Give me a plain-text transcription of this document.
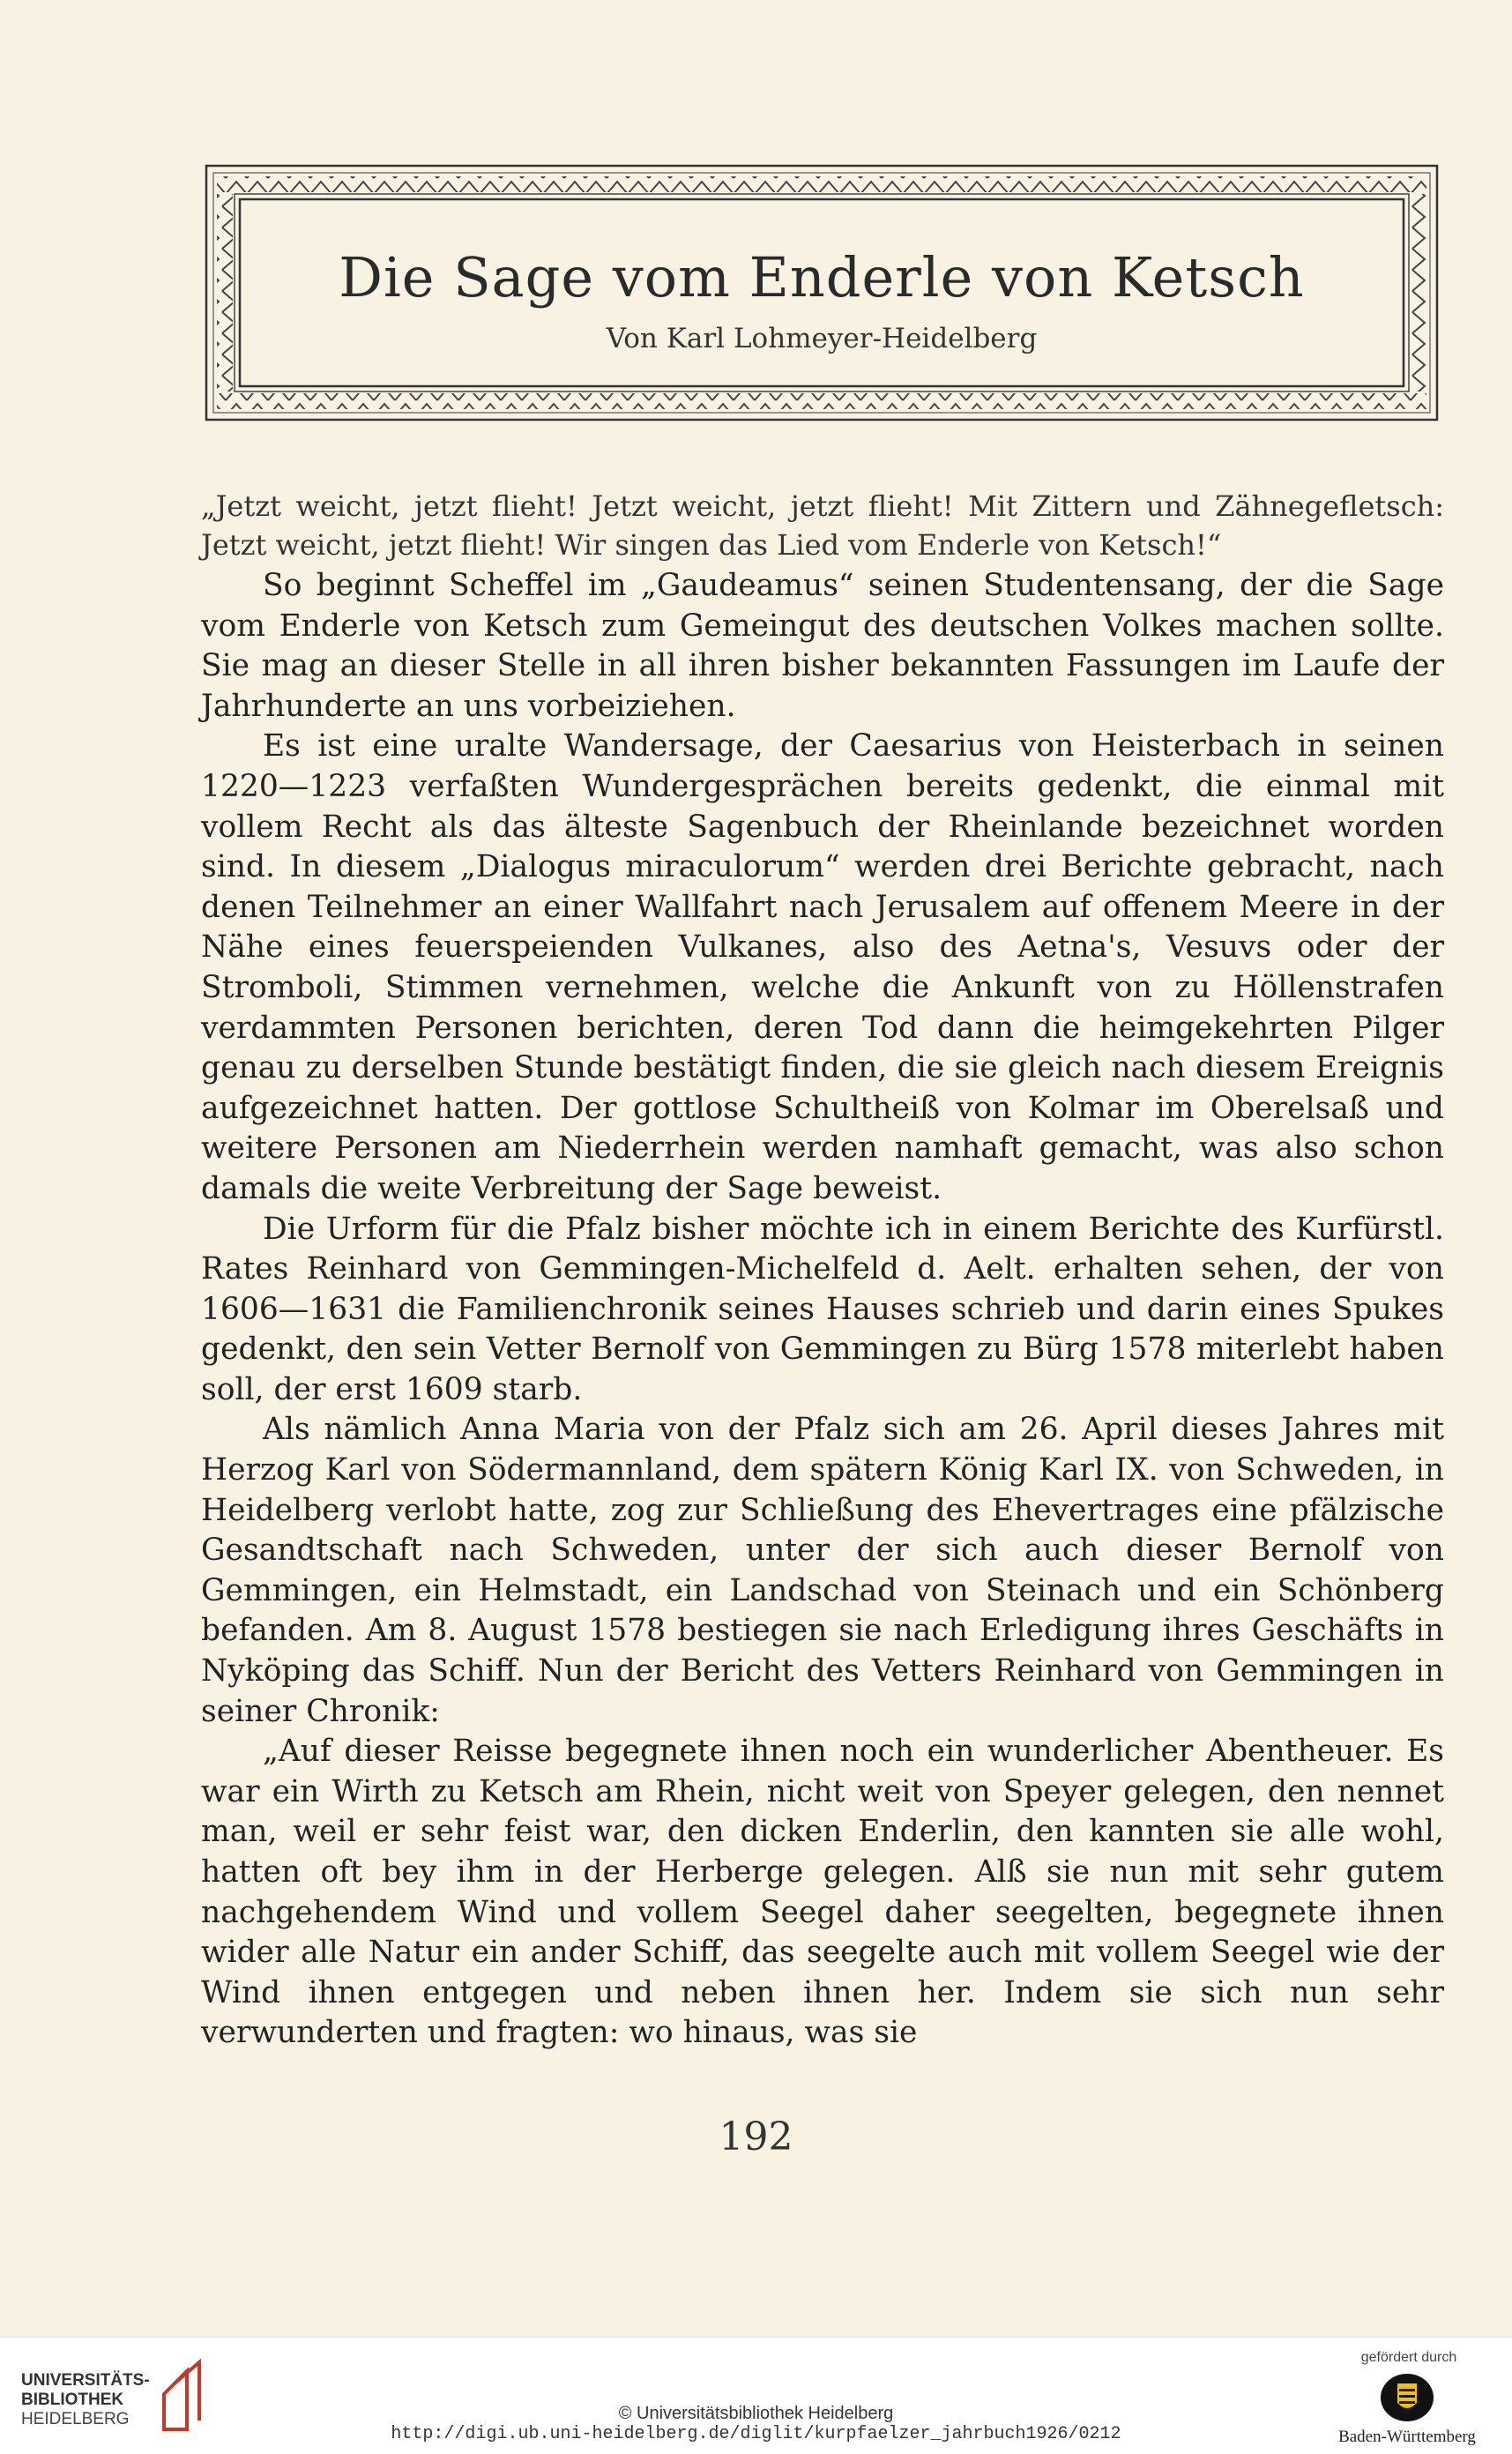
Die Sage vom Enderle von Ketsch
Von Karl Lohmeyer-Heidelberg
„Jetzt weicht, jetzt flieht! Jetzt weicht, jetzt flieht! Mit Zittern und Zähnegefletsch: Jetzt weicht, jetzt flieht! Wir singen das Lied vom Enderle von Ketsch!“

So beginnt Scheffel im „Gaudeamus“ seinen Studentensang, der die Sage vom Enderle von Ketsch zum Gemeingut des deutschen Volkes machen sollte. Sie mag an dieser Stelle in all ihren bisher bekannten Fassungen im Laufe der Jahrhunderte an uns vorbeiziehen.

Es ist eine uralte Wandersage, der Caesarius von Heisterbach in seinen 1220—1223 verfaßten Wundergesprächen bereits gedenkt, die einmal mit vollem Recht als das älteste Sagenbuch der Rheinlande bezeichnet worden sind. In diesem „Dialogus miraculorum“ werden drei Berichte gebracht, nach denen Teilnehmer an einer Wallfahrt nach Jerusalem auf offenem Meere in der Nähe eines feuerspeienden Vulkanes, also des Aetna's, Vesuvs oder der Stromboli, Stimmen vernehmen, welche die Ankunft von zu Höllenstrafen verdammten Personen berichten, deren Tod dann die heimgekehrten Pilger genau zu derselben Stunde bestätigt finden, die sie gleich nach diesem Ereignis aufgezeichnet hatten. Der gottlose Schultheiß von Kolmar im Oberelsaß und weitere Personen am Niederrhein werden namhaft gemacht, was also schon damals die weite Verbreitung der Sage beweist.

Die Urform für die Pfalz bisher möchte ich in einem Berichte des Kurfürstl. Rates Reinhard von Gemmingen-Michelfeld d. Aelt. erhalten sehen, der von 1606—1631 die Familienchronik seines Hauses schrieb und darin eines Spukes gedenkt, den sein Vetter Bernolf von Gemmingen zu Bürg 1578 miterlebt haben soll, der erst 1609 starb.

Als nämlich Anna Maria von der Pfalz sich am 26. April dieses Jahres mit Herzog Karl von Södermannland, dem spätern König Karl IX. von Schweden, in Heidelberg verlobt hatte, zog zur Schließung des Ehevertrages eine pfälzische Gesandtschaft nach Schweden, unter der sich auch dieser Bernolf von Gemmingen, ein Helmstadt, ein Landschad von Steinach und ein Schönberg befanden. Am 8. August 1578 bestiegen sie nach Erledigung ihres Geschäfts in Nyköping das Schiff. Nun der Bericht des Vetters Reinhard von Gemmingen in seiner Chronik:

„Auf dieser Reisse begegnete ihnen noch ein wunderlicher Abentheuer. Es war ein Wirth zu Ketsch am Rhein, nicht weit von Speyer gelegen, den nennet man, weil er sehr feist war, den dicken Enderlin, den kannten sie alle wohl, hatten oft bey ihm in der Herberge gelegen. Alß sie nun mit sehr gutem nachgehendem Wind und vollem Seegel daher seegelten, begegnete ihnen wider alle Natur ein ander Schiff, das seegelte auch mit vollem Seegel wie der Wind ihnen entgegen und neben ihnen her. Indem sie sich nun sehr verwunderten und fragten: wo hinaus, was sie

192
UNIVERSITÄTS-
BIBLIOTHEK
HEIDELBERG	© Universitätsbibliothek Heidelberg
http://digi.ub.uni-heidelberg.de/diglit/kurpfaelzer_jahrbuch1926/0212
gefördert durch
Baden-Württemberg
